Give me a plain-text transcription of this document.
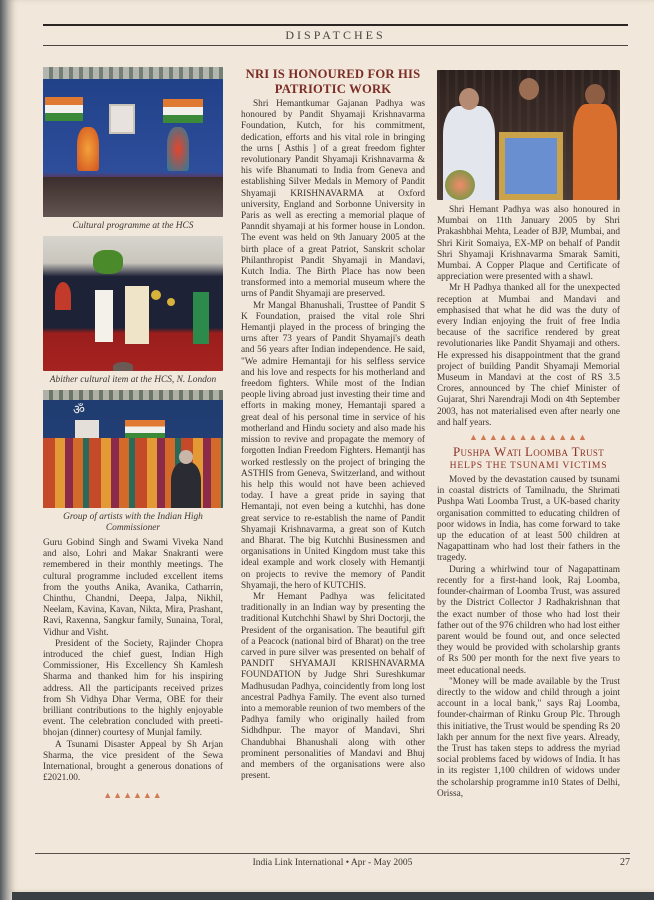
DISPATCHES
Cultural programme at the HCS
Abither cultural item at the HCS, N. London
ॐ
Group of artists with the Indian High Commissioner

Guru Gobind Singh and Swami Viveka Nand and also, Lohri and Makar Snakranti were remembered in their monthly meetings. The cultural programme included excellent items from the youths Anika, Avanika, Catharrin, Chinthu, Chandni, Deepa, Jalpa, Nikhil, Neelam, Kavina, Kavan, Nikta, Mira, Prashant, Ravi, Raxenna, Sangkur family, Sunaina, Toral, Vidhur and Visht.

President of the Society, Rajinder Chopra introduced the chief guest, Indian High Commissioner, His Excellency Sh Kamlesh Sharma and thanked him for his inspiring address. All the participants received prizes from Sh Vidhya Dhar Verma, OBE for their brilliant contributions to the highly enjoyable event. The celebration concluded with preeti-bhojan (dinner) courtesy of Munjal family.

A Tsunami Disaster Appeal by Sh Arjan Sharma, the vice president of the Sewa International, brought a generous donations of £2021.00.

▲▲▲▲▲▲
NRI IS HONOURED FOR HIS PATRIOTIC WORK

Shri Hemantkumar Gajanan Padhya was honoured by Pandit Shyamaji Krishnavarma Foundation, Kutch, for his commitment, dedication, efforts and his vital role in bringing the urns [ Asthis ] of a great freedom fighter revolutionary Pandit Shyamaji Krishnavarma & his wife Bhanumati to India from Geneva and establishing Silver Medals in Memory of Pandit Shyamaji KRISHNAVARMA at Oxford university, England and Sorbonne University in Paris as well as erecting a memorial plaque of Panndit shyamaji at his former house in London. The event was held on 9th January 2005 at the birth place of a great Patriot, Sanskrit scholar Philanthropist Pandit Shyamaji in Mandavi, Kutch India. The Birth Place has now been transformed into a memorial museum where the urns of Pandit Shyamaji are preserved.

Mr Mangal Bhanushali, Trusttee of Pandit S K Foundation, praised the vital role Shri Hemantji played in the process of bringing the urns after 73 years of Pandit Shyamaji's death and 56 years after Indian independence. He said, "We admire Hemantaji for his selfless service and his love and respects for his motherland and freedom fighters. While most of the Indian people living abroad just investing their time and efforts in making money, Hemantaji spared a great deal of his personal time in service of his motherland and Hindu society and also made his mission to revive and propagate the memory of forgotten Indian Freedom Fighters. Hemantji has worked restlessly on the project of bringing the ASTHIS from Geneva, Switzerland, and without his help this would not have been achieved today. I have a great pride in saying that Hemantaji, not even being a kutchhi, has done great service to re-establish the name of Pandit Shyamaji Krishnavarma, a great son of Kutch and Bharat. The big Kutchhi Businessmen and organisations in United Kingdom must take this ideal example and work closely with Hemantji on projects to revive the memory of Pandit Shyamaji, the hero of KUTCHIS.

Mr Hemant Padhya was felicitated traditionally in an Indian way by presenting the traditional Kutchchhi Shawl by Shri Doctorji, the President of the organisation. The beautiful gift of a Peacock (national bird of Bharat) on the tree carved in pure silver was presented on behalf of PANDIT SHYAMAJI KRISHNAVARMA FOUNDATION by Judge Shri Sureshkumar Madhusudan Padhya, coincidently from long lost ancestral Padhya Family. The event also turned into a memorable reunion of two members of the Padhya family who originally hailed from Sidhdhpur. The mayor of Mandavi, Shri Chandubhai Bhanushali along with other prominent personalities of Mandavi and Bhuj and members of the organisations were also present.

Shri Hemant Padhya was also honoured in Mumbai on 11th January 2005 by Shri Prakashbhai Mehta, Leader of BJP, Mumbai, and Shri Kirit Somaiya, EX-MP on behalf of Pandit Shri Shyamaji Krishnavarma Smarak Samiti, Mumbai. A Copper Plaque and Certificate of appreciation were presented with a shawl.

Mr H Padhya thanked all for the unexpected reception at Mumbai and Mandavi and emphasised that what he did was the duty of every Indian enjoying the fruit of free India because of the sacrifice rendered by great revolutionaries like Pandit Shyamaji and others. He expressed his disappointment that the grand project of building Pandit Shyamaji Memorial Museum in Mandavi at the cost of RS 3.5 Crores, announced by The chief Minister of Gujarat, Shri Narendraji Modi on 4th September 2003, has not materialised even after nearly one and half years.

▲▲▲▲▲▲▲▲▲▲▲▲
Pushpa Wati Loomba Trust
HELPS THE TSUNAMI VICTIMS

Moved by the devastation caused by tsunami in coastal districts of Tamilnadu, the Shrimati Pushpa Wati Loomba Trust, a UK-based charity organisation committed to educating children of poor widows in India, has come forward to take up the education of at least 500 children at Nagapattinam who had lost their fathers in the tragedy.

During a whirlwind tour of Nagapattinam recently for a first-hand look, Raj Loomba, founder-chairman of Loomba Trust, was assured by the District Collector J Radhakrishnan that the exact number of those who had lost their father out of the 976 children who had lost either parent would be found out, and once selected they would be provided with scholarship grants of Rs 500 per month for the next five years to meet educational needs.

"Money will be made available by the Trust directly to the widow and child through a joint account in a local bank," says Raj Loomba, founder-chairman of Rinku Group Plc. Through this initiative, the Trust would be spending Rs 20 lakh per annum for the next five years. Already, the Trust has taken steps to address the myriad social problems faced by widows of India. It has in its register 1,100 children of widows under the scholarship programme in10 States of Delhi, Orissa,

India Link International • Apr - May 2005	27
